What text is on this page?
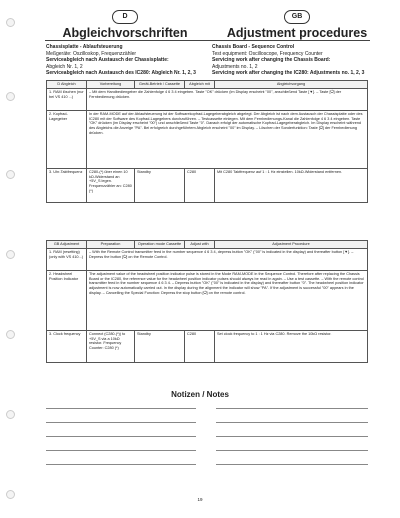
D
Abgleichvorschriften
GB
Adjustment procedures
Chassisplatte - Ablaufsteuerung
Meßgeräte: Oszilloskop, Frequenzzähler
Serviceabgleich nach Austausch der Chassisplatte:
Abgleich Nr. 1, 2
Serviceabgleich nach Austausch des IC280: Abgleich Nr. 1, 2, 3
Chassis Board - Sequence Control
Test equipment: Oscilloscope, Frequency Counter
Servicing work after changing the Chassis Board:
Adjustments no. 1, 2
Servicing work after changing the IC280: Adjustments no. 1, 2, 3
D Abgleich	Vorbereitung	Gerät-Betrieb / Cassette	Abgleich mit	Abgleichvorgang
1. RAM löschen (nur bei VS 410 ...)	– Mit dem Handbediengeber die Zahlenfolge 4 6 3 4 eingeben. Taste "OK" drücken (im Display erscheint "00", anschließend Taste [▼]. – Taste [⏻] der Fernbedienung drücken.			
2. Kopfrad-Lagegeber	In der RAM-MODE auf der Ablaufsteuerung ist der Softwarekopfrad-Lagegeberabgleich abgelegt. Der Abgleich ist nach dem Austausch der Chassisplatte oder des IC280 mit der Software des Kopfrad-Lagegebers durchzuführen. – Testcassette einlegen. Mit dem Fernbedienungs-Kanal die Zahlenfolge 4 6 3 4 eingeben. Taste "OK" drücken (im Display erscheint "00") und anschließend Taste "0". Danach erfolgt der automatische Kopfrad-Lagegeberabgleich. Im Display erscheint während des Abgleichs die Anzeige "PA". Bei erfolgreich durchgeführtem Abgleich erscheint "00" im Display. – Löschen der Sonderfunktion: Taste [⏻] der Fernbedienung drücken.			
3. Uhr-Taktfrequenz	C280-(*) über einen 10 kΩ-Widerstand an +5V_S legen. Frequenzzähler an: C280 (*)	Standby	C280	Mit C280 Taktfrequenz auf 1 : 1 Hz einstellen. 10kΩ-Widerstand entfernen.
GB Adjustment	Preparation	Operation mode Cassette	Adjust with	Adjustment Procedure
1. RAM (resetting) (only with VS 410...)	– With the Remote Control transmitter feed in the number sequence 4 6 3 4, depress button "OK" ("00" is indicated in the display) and thereafter button [▼]. – Depress the button [⏻] on the Remote Control.			
2. Headwheel Position Indicator	The adjustment value of the headwheel position indicator pulse is stored in the Mode RAM-MODE in the Sequence Control. Therefore after replacing the Chassis Board or the IC280, the reference value for the headwheel position indicator pulses should always be read in again. – Use a test cassette. – With the remote control transmitter feed in the number sequence 4 6 3 4. – Depress button "OK" ("00" is indicated in the display) and thereafter button "0". The headwheel position indicator adjustment is now automatically carried out. In the display during the alignment the indicator will show "PA". If the adjustment is successful "00" appears in the display. – Cancelling the Special Function: Depress the stop button [⏻] on the remote control.			
3. Clock frequency	Connect (C280-(*)) to +5V_S via a 10kΩ resistor. Frequency Counter: C280 (*)	Standby	C280	Set clock frequency to 1 : 1 Hz via C280. Remove the 10kΩ resistor.
Notizen / Notes
19
